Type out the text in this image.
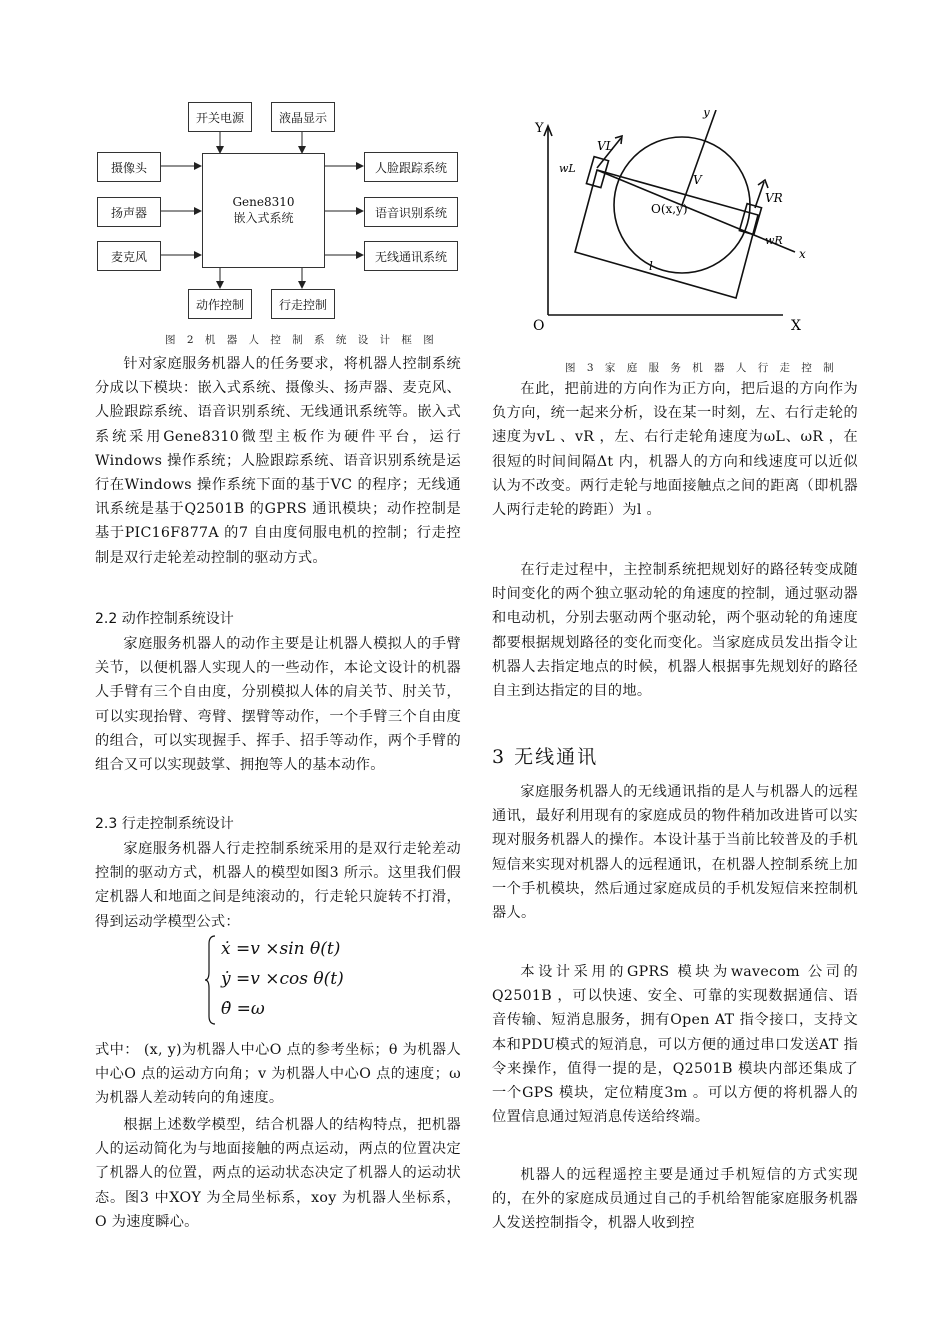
开关电源	液晶显示
摄像头
扬声器
麦克风
Gene8310
嵌入式系统
人脸跟踪系统
语音识别系统
无线通讯系统
动作控制	行走控制
图 2 机 器 人 控 制 系 统 设 计 框 图
Y
O	X
y
x
O(x,y)
V
VL
VR
wL
wR
l
图 3 家 庭 服 务 机 器 人 行 走 控 制

针对家庭服务机器人的任务要求，将机器人控制系统分成以下模块：嵌入式系统、摄像头、扬声器、麦克风、人脸跟踪系统、语音识别系统、无线通讯系统等。嵌入式系统采用Gene8310微型主板作为硬件平台，运行Windows 操作系统；人脸跟踪系统、语音识别系统是运行在Windows 操作系统下面的基于VC 的程序；无线通讯系统是基于Q2501B 的GPRS 通讯模块；动作控制是基于PIC16F877A 的7 自由度伺服电机的控制；行走控制是双行走轮差动控制的驱动方式。

2.2 动作控制系统设计

家庭服务机器人的动作主要是让机器人模拟人的手臂关节，以便机器人实现人的一些动作，本论文设计的机器人手臂有三个自由度，分别模拟人体的肩关节、肘关节，可以实现抬臂、弯臂、摆臂等动作，一个手臂三个自由度的组合，可以实现握手、挥手、招手等动作，两个手臂的组合又可以实现鼓掌、拥抱等人的基本动作。

2.3 行走控制系统设计

家庭服务机器人行走控制系统采用的是双行走轮差动控制的驱动方式，机器人的模型如图3 所示。这里我们假定机器人和地面之间是纯滚动的，行走轮只旋转不打滑，得到运动学模型公式：

ẋ =v ×sin θ(t)
ẏ =v ×cos θ(t)
θ̇ =ω

式中： (x, y)为机器人中心O 点的参考坐标；θ 为机器人中心O 点的运动方向角；v 为机器人中心O 点的速度；ω 为机器人差动转向的角速度。

根据上述数学模型，结合机器人的结构特点，把机器人的运动简化为与地面接触的两点运动，两点的位置决定了机器人的位置，两点的运动状态决定了机器人的运动状态。图3 中XOY 为全局坐标系，xoy 为机器人坐标系，O 为速度瞬心。

在此，把前进的方向作为正方向，把后退的方向作为负方向，统一起来分析，设在某一时刻，左、右行走轮的速度为vL 、vR ，左、右行走轮角速度为ωL、ωR ，在很短的时间间隔Δt 内，机器人的方向和线速度可以近似认为不改变。两行走轮与地面接触点之间的距离（即机器人两行走轮的跨距）为l 。

在行走过程中，主控制系统把规划好的路径转变成随时间变化的两个独立驱动轮的角速度的控制，通过驱动器和电动机，分别去驱动两个驱动轮，两个驱动轮的角速度都要根据规划路径的变化而变化。当家庭成员发出指令让机器人去指定地点的时候，机器人根据事先规划好的路径自主到达指定的目的地。

3 无线通讯

家庭服务机器人的无线通讯指的是人与机器人的远程通讯，最好利用现有的家庭成员的物件稍加改进皆可以实现对服务机器人的操作。本设计基于当前比较普及的手机短信来实现对机器人的远程通讯，在机器人控制系统上加一个手机模块，然后通过家庭成员的手机发短信来控制机器人。

本设计采用的GPRS 模块为wavecom 公司的Q2501B ，可以快速、安全、可靠的实现数据通信、语音传输、短消息服务，拥有Open AT 指令接口，支持文本和PDU模式的短消息，可以方便的通过串口发送AT 指令来操作，值得一提的是，Q2501B 模块内部还集成了一个GPS 模块，定位精度3m 。可以方便的将机器人的位置信息通过短消息传送给终端。

机器人的远程遥控主要是通过手机短信的方式实现的，在外的家庭成员通过自己的手机给智能家庭服务机器人发送控制指令，机器人收到控
